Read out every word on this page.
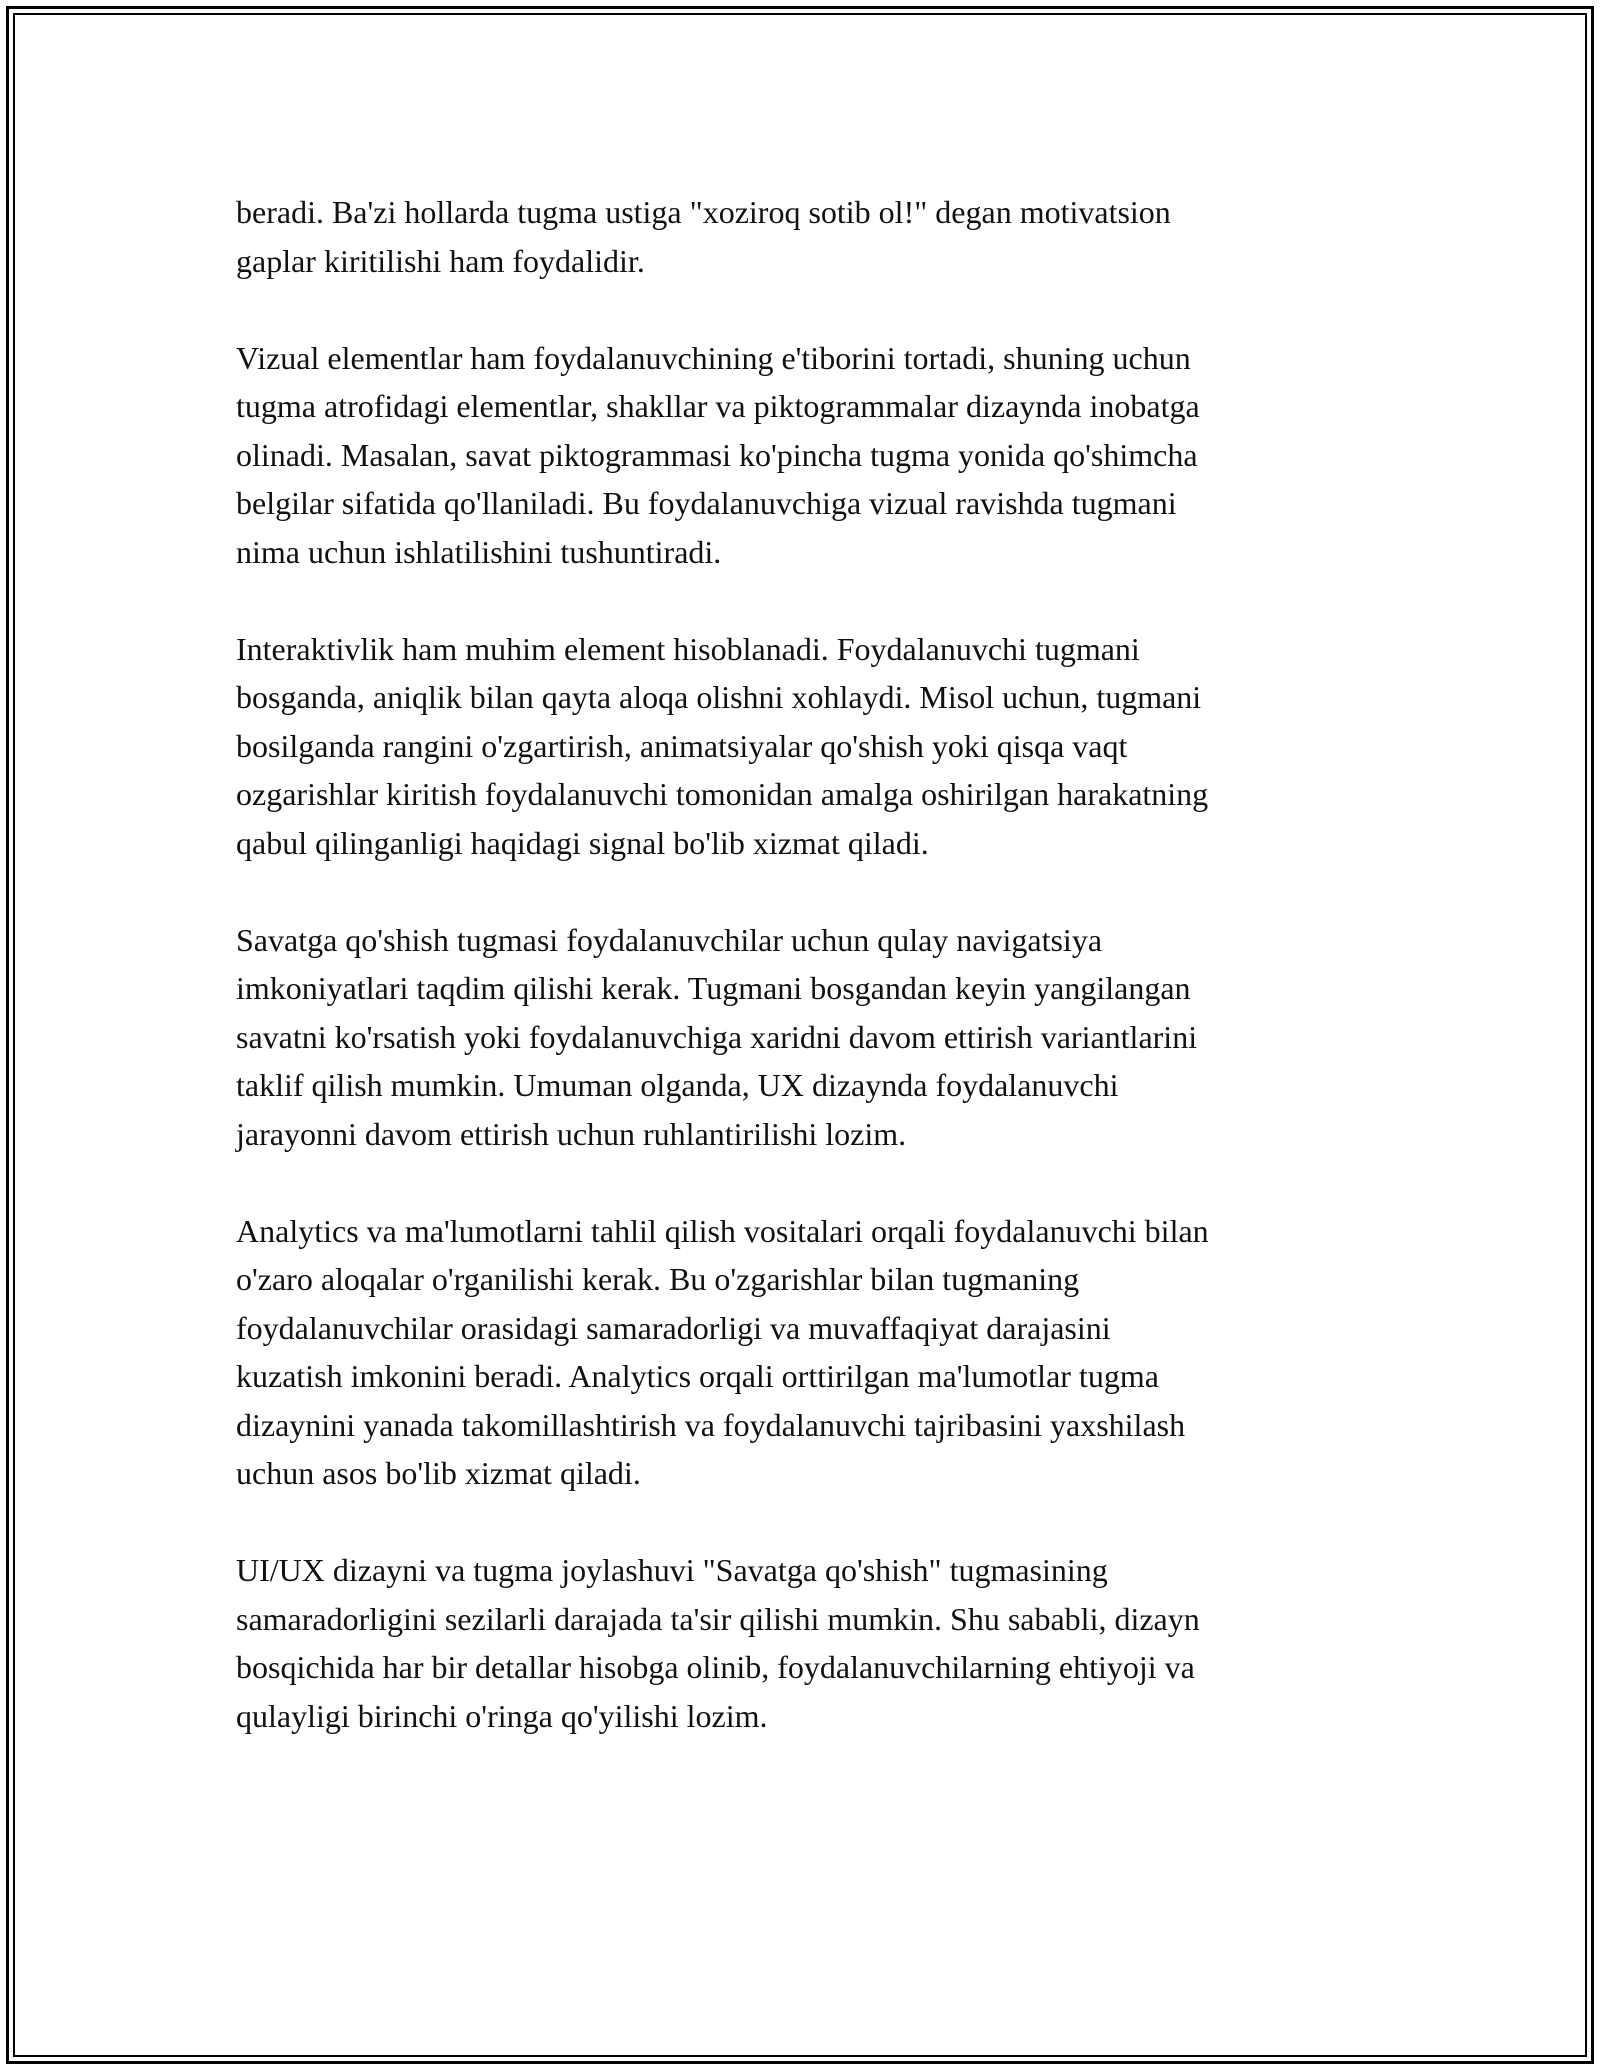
beradi. Ba'zi hollarda tugma ustiga "xoziroq sotib ol!" degan motivatsion
gaplar kiritilishi ham foydalidir.

Vizual elementlar ham foydalanuvchining e'tiborini tortadi, shuning uchun
tugma atrofidagi elementlar, shakllar va piktogrammalar dizaynda inobatga
olinadi. Masalan, savat piktogrammasi ko'pincha tugma yonida qo'shimcha
belgilar sifatida qo'llaniladi. Bu foydalanuvchiga vizual ravishda tugmani
nima uchun ishlatilishini tushuntiradi.

Interaktivlik ham muhim element hisoblanadi. Foydalanuvchi tugmani
bosganda, aniqlik bilan qayta aloqa olishni xohlaydi. Misol uchun, tugmani
bosilganda rangini o'zgartirish, animatsiyalar qo'shish yoki qisqa vaqt
ozgarishlar kiritish foydalanuvchi tomonidan amalga oshirilgan harakatning
qabul qilinganligi haqidagi signal bo'lib xizmat qiladi.

Savatga qo'shish tugmasi foydalanuvchilar uchun qulay navigatsiya
imkoniyatlari taqdim qilishi kerak. Tugmani bosgandan keyin yangilangan
savatni ko'rsatish yoki foydalanuvchiga xaridni davom ettirish variantlarini
taklif qilish mumkin. Umuman olganda, UX dizaynda foydalanuvchi
jarayonni davom ettirish uchun ruhlantirilishi lozim.

Analytics va ma'lumotlarni tahlil qilish vositalari orqali foydalanuvchi bilan
o'zaro aloqalar o'rganilishi kerak. Bu o'zgarishlar bilan tugmaning
foydalanuvchilar orasidagi samaradorligi va muvaffaqiyat darajasini
kuzatish imkonini beradi. Analytics orqali orttirilgan ma'lumotlar tugma
dizaynini yanada takomillashtirish va foydalanuvchi tajribasini yaxshilash
uchun asos bo'lib xizmat qiladi.

UI/UX dizayni va tugma joylashuvi "Savatga qo'shish" tugmasining
samaradorligini sezilarli darajada ta'sir qilishi mumkin. Shu sababli, dizayn
bosqichida har bir detallar hisobga olinib, foydalanuvchilarning ehtiyoji va
qulayligi birinchi o'ringa qo'yilishi lozim.
